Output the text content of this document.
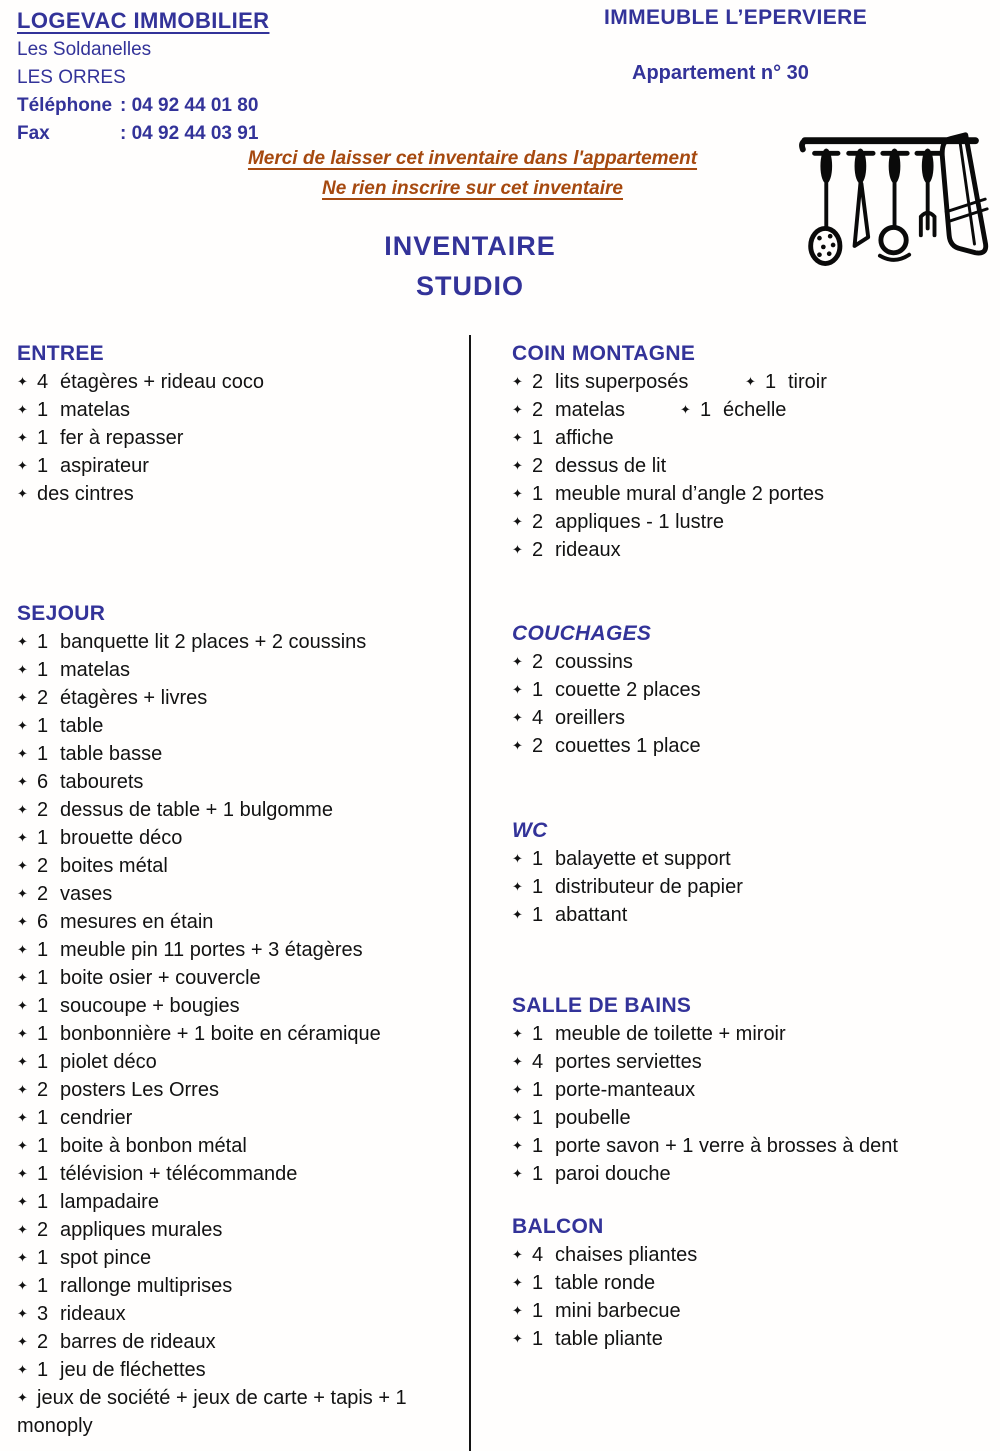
LOGEVAC IMMOBILIER
Les Soldanelles
LES ORRES
Téléphone : 04 92 44 01 80
Fax	: 04 92 44 03 91
IMMEUBLE L’EPERVIERE
Appartement n° 30
Merci de laisser cet inventaire dans l'appartement
Ne rien inscrire sur cet inventaire
INVENTAIRE
STUDIO
ENTREE
✦ 4 étagères + rideau coco
✦ 1 matelas
✦ 1 fer à repasser
✦ 1 aspirateur
✦ des cintres
SEJOUR
✦ 1 banquette lit 2 places + 2 coussins
✦ 1 matelas
✦ 2 étagères + livres
✦ 1 table
✦ 1 table basse
✦ 6 tabourets
✦ 2 dessus de table + 1 bulgomme
✦ 1 brouette déco
✦ 2 boites métal
✦ 2 vases
✦ 6 mesures en étain
✦ 1 meuble pin 11 portes + 3 étagères
✦ 1 boite osier + couvercle
✦ 1 soucoupe + bougies
✦ 1 bonbonnière + 1 boite en céramique
✦ 1 piolet déco
✦ 2 posters Les Orres
✦ 1 cendrier
✦ 1 boite à bonbon métal
✦ 1 télévision + télécommande
✦ 1 lampadaire
✦ 2 appliques murales
✦ 1 spot pince
✦ 1 rallonge multiprises
✦ 3 rideaux
✦ 2 barres de rideaux
✦ 1 jeu de fléchettes
✦ jeux de société + jeux de carte + tapis + 1 monoply
COIN MONTAGNE
✦ 2 lits superposés	✦ 1 tiroir
✦ 2 matelas	✦ 1 échelle
✦ 1 affiche
✦ 2 dessus de lit
✦ 1 meuble mural d’angle 2 portes
✦ 2 appliques - 1 lustre
✦ 2 rideaux
COUCHAGES
✦ 2 coussins
✦ 1 couette 2 places
✦ 4 oreillers
✦ 2 couettes 1 place
WC
✦ 1 balayette et support
✦ 1 distributeur de papier
✦ 1 abattant
SALLE DE BAINS
✦ 1 meuble de toilette + miroir
✦ 4 portes serviettes
✦ 1 porte-manteaux
✦ 1 poubelle
✦ 1 porte savon + 1 verre à brosses à dent
✦ 1 paroi douche
BALCON
✦ 4 chaises pliantes
✦ 1 table ronde
✦ 1 mini barbecue
✦ 1 table pliante
